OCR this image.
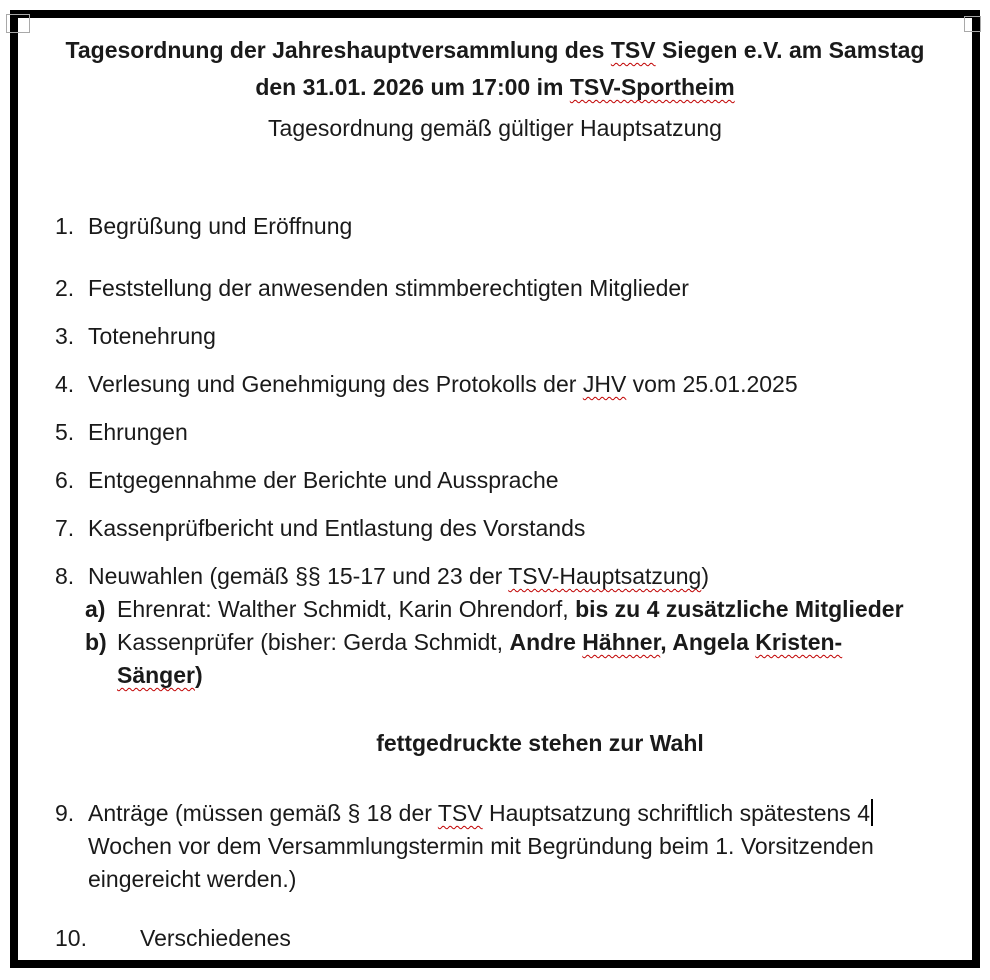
Tagesordnung der Jahreshauptversammlung des TSV Siegen e.V. am Samstag
den 31.01. 2026 um 17:00 im TSV-Sportheim
Tagesordnung gemäß gültiger Hauptsatzung
1. Begrüßung und Eröffnung
2. Feststellung der anwesenden stimmberechtigten Mitglieder
3. Totenehrung
4. Verlesung und Genehmigung des Protokolls der JHV vom 25.01.2025
5. Ehrungen
6. Entgegennahme der Berichte und Aussprache
7. Kassenprüfbericht und Entlastung des Vorstands
8. Neuwahlen (gemäß §§ 15-17 und 23 der TSV-Hauptsatzung)
a) Ehrenrat: Walther Schmidt, Karin Ohrendorf, bis zu 4 zusätzliche Mitglieder
b) Kassenprüfer (bisher: Gerda Schmidt, Andre Hähner, Angela Kristen-
Sänger)
fettgedruckte stehen zur Wahl
9. Anträge (müssen gemäß § 18 der TSV Hauptsatzung schriftlich spätestens 4
Wochen vor dem Versammlungstermin mit Begründung beim 1. Vorsitzenden
eingereicht werden.)
10.	Verschiedenes
